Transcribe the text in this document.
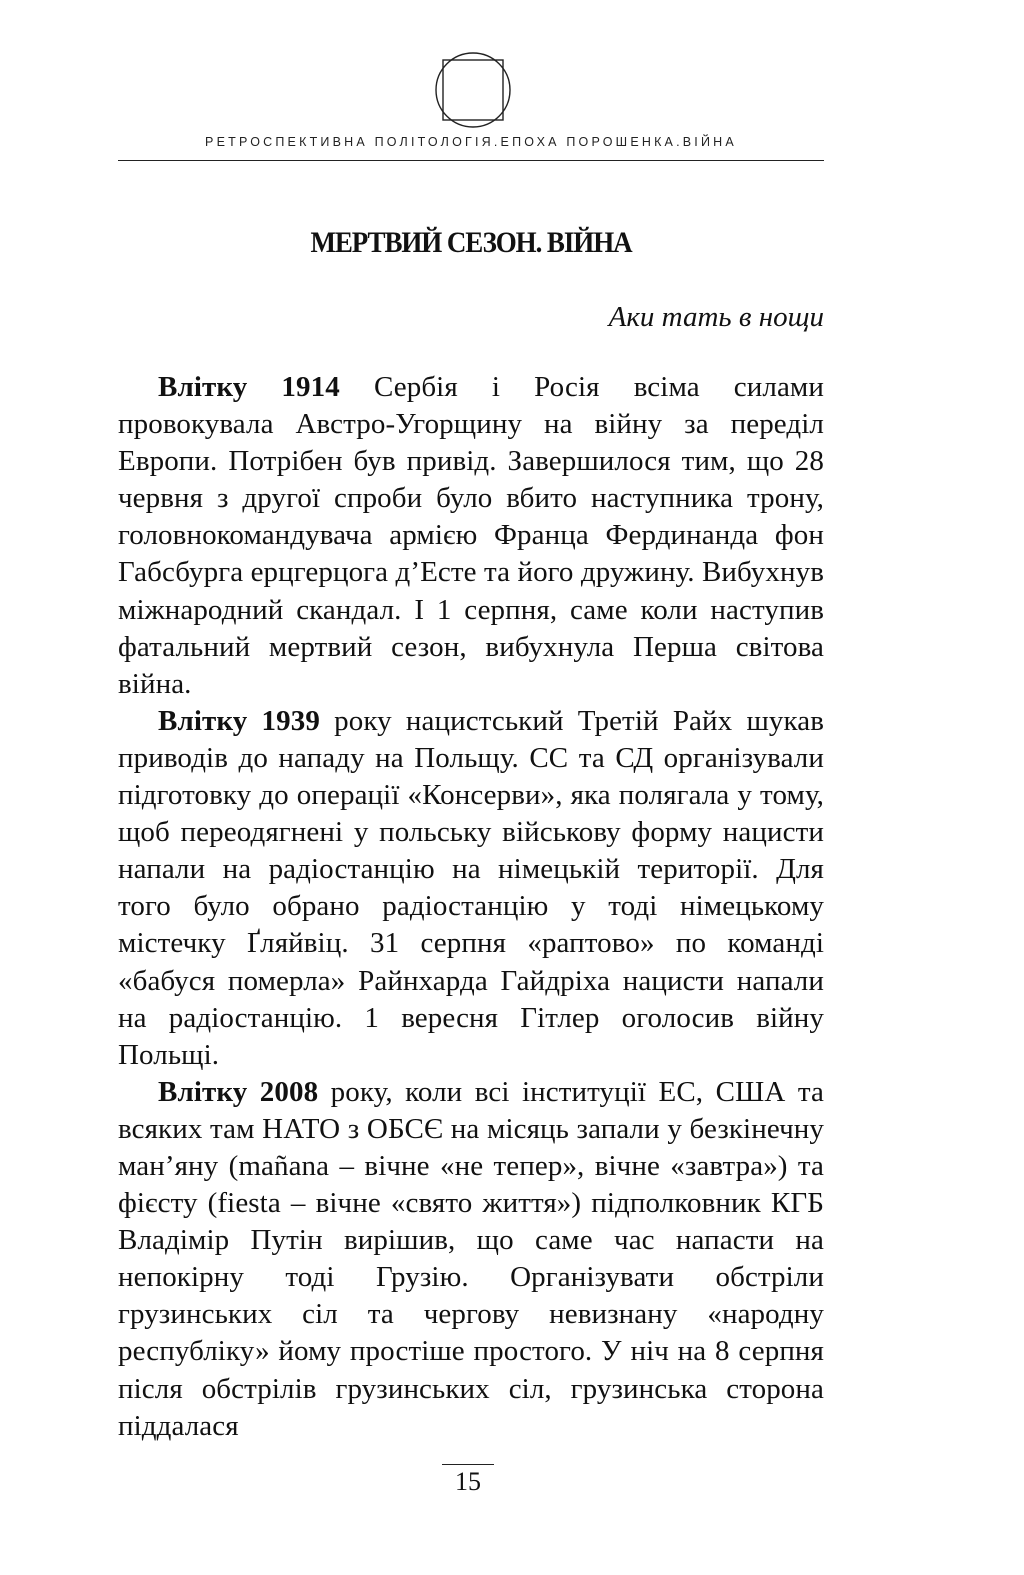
РЕТРОСПЕКТИВНА ПОЛІТОЛОГІЯ.ЕПОХА ПОРОШЕНКА.ВІЙНА
МЕРТВИЙ СЕЗОН. ВІЙНА

Аки тать в нощи

Влітку 1914 Сербія і Росія всіма силами провокувала Австро-Угорщину на війну за переділ Европи. Потрібен був привід. Завершилося тим, що 28 червня з другої спроби було вбито наступника трону, головнокомандувача армією Франца Фердинанда фон Габсбурга ерцгерцога д’Есте та його дружину. Вибухнув міжнародний скандал. І 1 серпня, саме коли наступив фатальний мертвий сезон, вибухнула Перша світова війна.

Влітку 1939 року нацистський Третій Райх шукав приводів до нападу на Польщу. СС та СД організували підготовку до операції «Консерви», яка полягала у тому, щоб переодягнені у польську військову форму нацисти напали на радіостанцію на німецькій території. Для того було обрано радіостанцію у тоді німецькому містечку Ґляйвіц. 31 серпня «раптово» по команді «бабуся померла» Райнхарда Гайдріха нацисти напали на радіостанцію. 1 вересня Гітлер оголосив війну Польщі.

Влітку 2008 року, коли всі інституції ЕС, США та всяких там НАТО з ОБСЄ на місяць запали у безкінечну ман’яну (mañana – вічне «не тепер», вічне «завтра») та фієсту (fiesta – вічне «свято життя») підполковник КГБ Владімір Путін вирішив, що саме час напасти на непокірну тоді Грузію. Організувати обстріли грузинських сіл та чергову невизнану «народну республіку» йому простіше простого. У ніч на 8 серпня після обстрілів грузинських сіл, грузинська сторона піддалася

15
